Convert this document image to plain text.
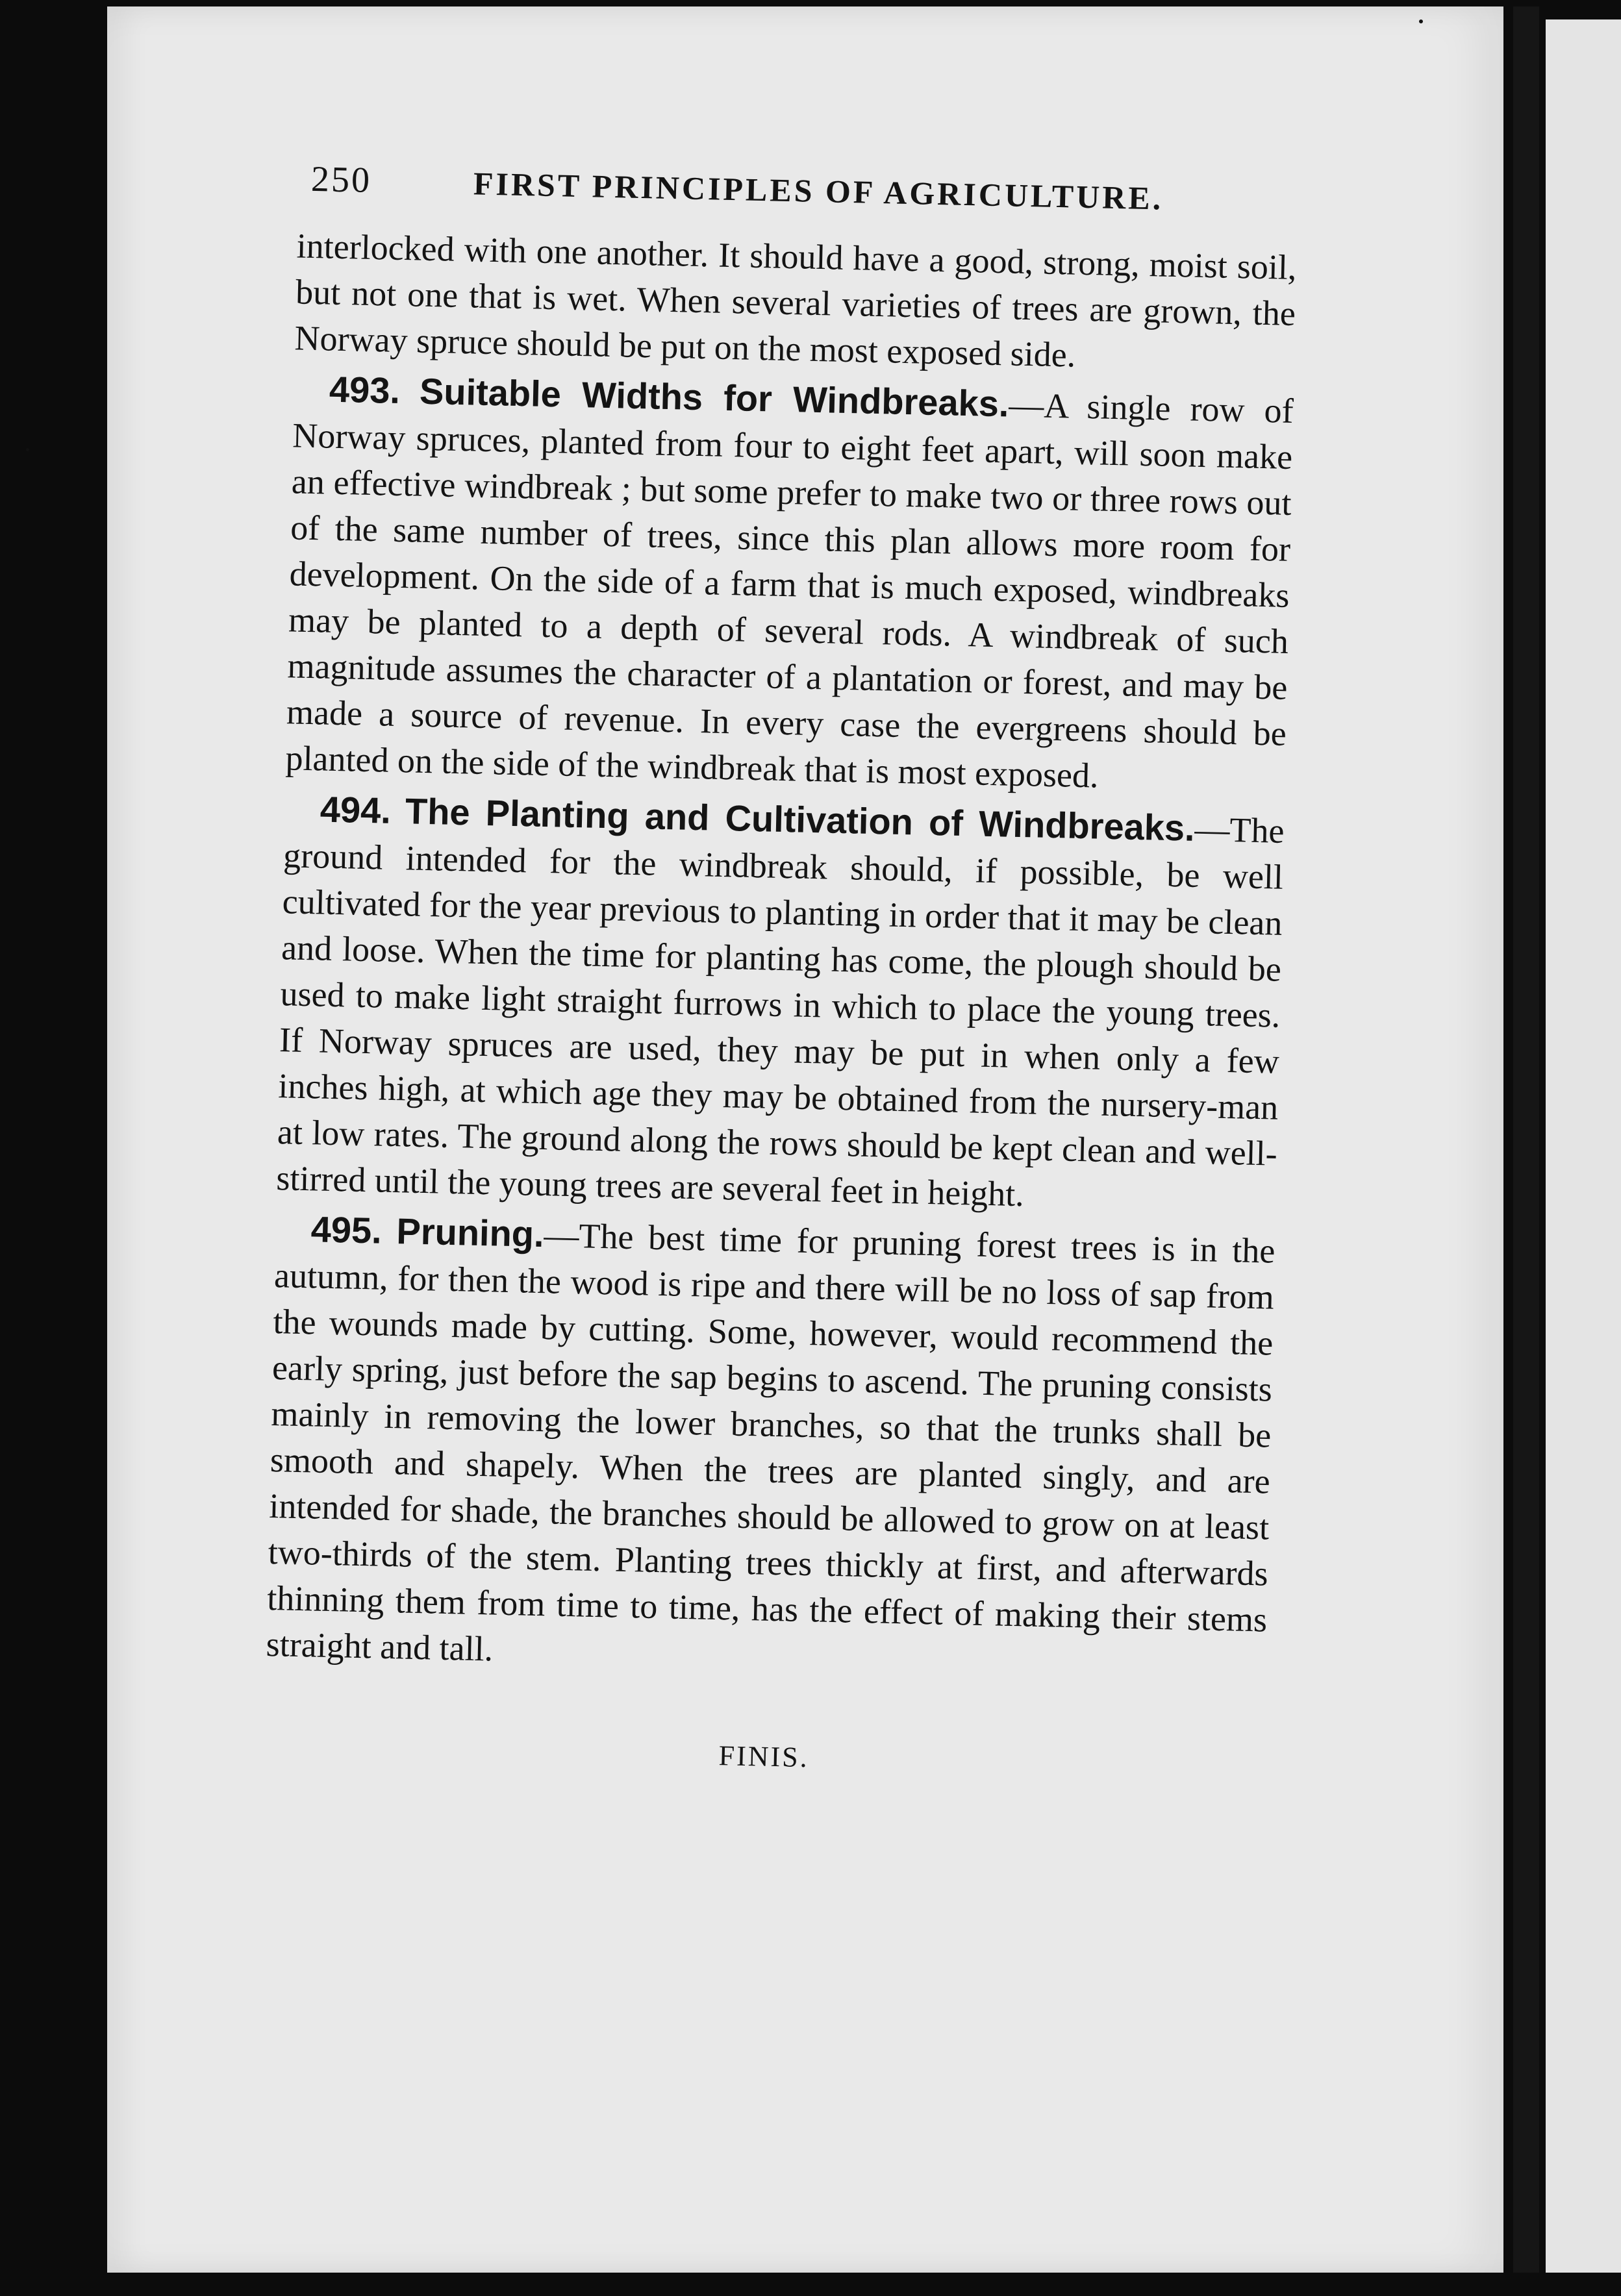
250	FIRST PRINCIPLES OF AGRICULTURE.

interlocked with one another. It should have a good, strong, moist soil, but not one that is wet. When several varieties of trees are grown, the Norway spruce should be put on the most exposed side.

493. Suitable Widths for Windbreaks.—A single row of Norway spruces, planted from four to eight feet apart, will soon make an effective windbreak ; but some prefer to make two or three rows out of the same number of trees, since this plan allows more room for development. On the side of a farm that is much exposed, windbreaks may be planted to a depth of several rods. A windbreak of such magnitude assumes the character of a plantation or forest, and may be made a source of revenue. In every case the evergreens should be planted on the side of the windbreak that is most exposed.

494. The Planting and Cultivation of Windbreaks.—The ground intended for the windbreak should, if possible, be well cultivated for the year previous to planting in order that it may be clean and loose. When the time for planting has come, the plough should be used to make light straight furrows in which to place the young trees. If Norway spruces are used, they may be put in when only a few inches high, at which age they may be obtained from the nursery-man at low rates. The ground along the rows should be kept clean and well-stirred until the young trees are several feet in height.

495. Pruning.—The best time for pruning forest trees is in the autumn, for then the wood is ripe and there will be no loss of sap from the wounds made by cutting. Some, however, would recommend the early spring, just before the sap begins to ascend. The pruning consists mainly in removing the lower branches, so that the trunks shall be smooth and shapely. When the trees are planted singly, and are intended for shade, the branches should be allowed to grow on at least two-thirds of the stem. Planting trees thickly at first, and afterwards thinning them from time to time, has the effect of making their stems straight and tall.

FINIS.
